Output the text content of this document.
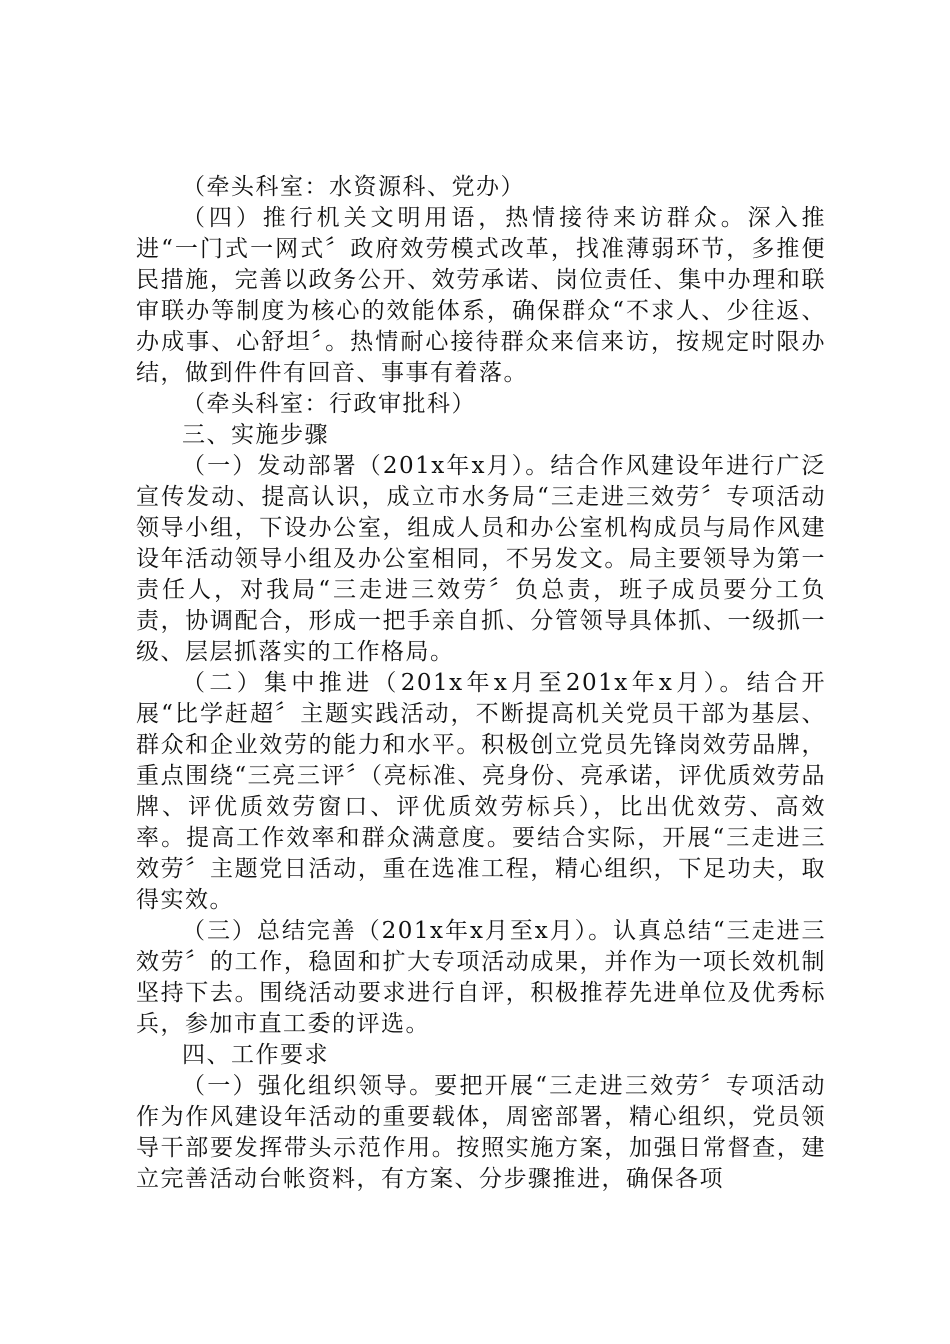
（牵头科室：水资源科、党办）

（四）推行机关文明用语，热情接待来访群众。深入推进“一门式一网式〞政府效劳模式改革，找准薄弱环节，多推便民措施，完善以政务公开、效劳承诺、岗位责任、集中办理和联审联办等制度为核心的效能体系，确保群众“不求人、少往返、办成事、心舒坦〞。热情耐心接待群众来信来访，按规定时限办结，做到件件有回音、事事有着落。

（牵头科室：行政审批科）

三、实施步骤

（一）发动部署（201x年x月）。结合作风建设年进行广泛宣传发动、提高认识，成立市水务局“三走进三效劳〞专项活动领导小组，下设办公室，组成人员和办公室机构成员与局作风建设年活动领导小组及办公室相同，不另发文。局主要领导为第一责任人，对我局“三走进三效劳〞负总责，班子成员要分工负责，协调配合，形成一把手亲自抓、分管领导具体抓、一级抓一级、层层抓落实的工作格局。

（二）集中推进（201x年x月至201x年x月）。结合开展“比学赶超〞主题实践活动，不断提高机关党员干部为基层、群众和企业效劳的能力和水平。积极创立党员先锋岗效劳品牌，重点围绕“三亮三评〞（亮标准、亮身份、亮承诺，评优质效劳品牌、评优质效劳窗口、评优质效劳标兵），比出优效劳、高效率。提高工作效率和群众满意度。要结合实际，开展“三走进三效劳〞主题党日活动，重在选准工程，精心组织，下足功夫，取得实效。

（三）总结完善（201x年x月至x月）。认真总结“三走进三效劳〞的工作，稳固和扩大专项活动成果，并作为一项长效机制坚持下去。围绕活动要求进行自评，积极推荐先进单位及优秀标兵，参加市直工委的评选。

四、工作要求

（一）强化组织领导。要把开展“三走进三效劳〞专项活动作为作风建设年活动的重要载体，周密部署，精心组织，党员领导干部要发挥带头示范作用。按照实施方案，加强日常督查，建立完善活动台帐资料，有方案、分步骤推进，确保各项
